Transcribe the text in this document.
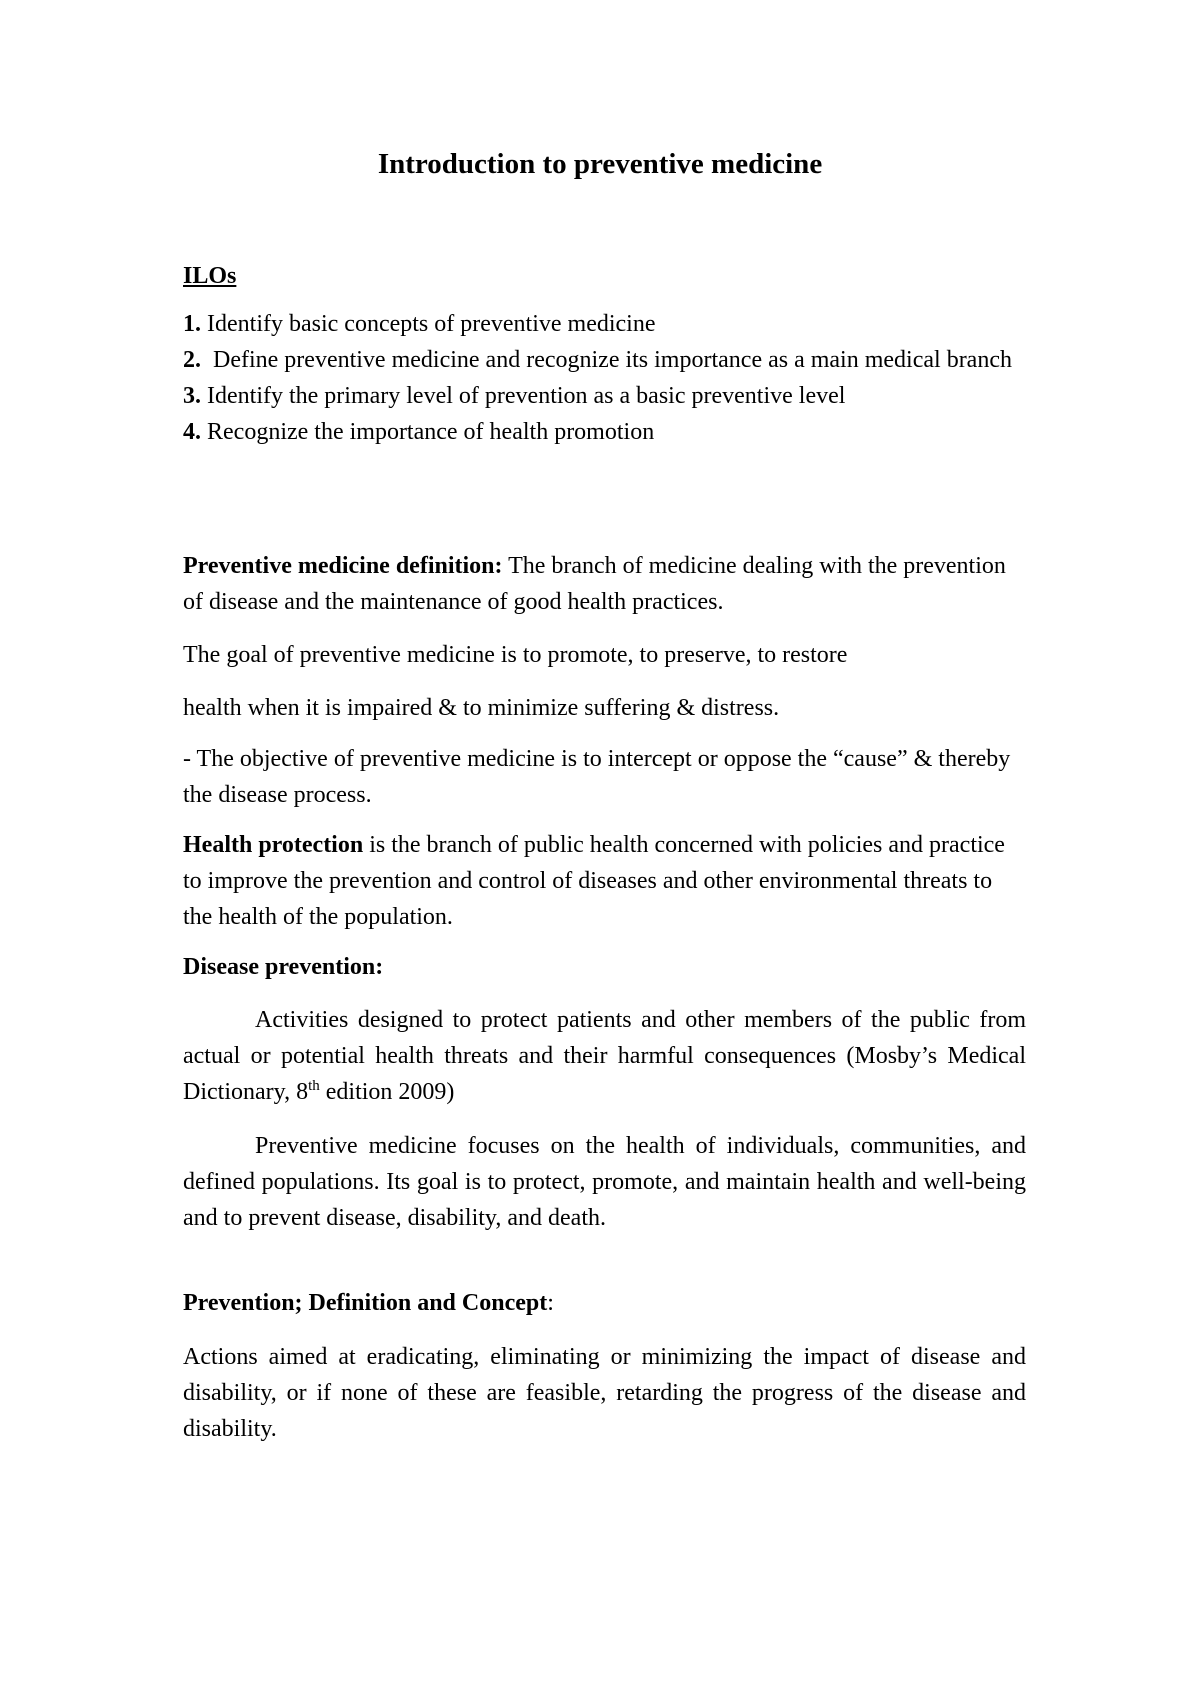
Introduction to preventive medicine

ILOs

1. Identify basic concepts of preventive medicine
2.  Define preventive medicine and recognize its importance as a main medical branch
3. Identify the primary level of prevention as a basic preventive level
4. Recognize the importance of health promotion

Preventive medicine definition: The branch of medicine dealing with the prevention of disease and the maintenance of good health practices.

The goal of preventive medicine is to promote, to preserve, to restore

health when it is impaired & to minimize suffering & distress.

- The objective of preventive medicine is to intercept or oppose the “cause” & thereby the disease process.

Health protection is the branch of public health concerned with policies and practice to improve the prevention and control of diseases and other environmental threats to the health of the population.

Disease prevention:

Activities designed to protect patients and other members of the public from actual or potential health threats and their harmful consequences (Mosby’s Medical Dictionary, 8th edition 2009)

Preventive medicine focuses on the health of individuals, communities, and defined populations. Its goal is to protect, promote, and maintain health and well-being and to prevent disease, disability, and death.

Prevention; Definition and Concept:

Actions aimed at eradicating, eliminating or minimizing the impact of disease and disability, or if none of these are feasible, retarding the progress of the disease and disability.
